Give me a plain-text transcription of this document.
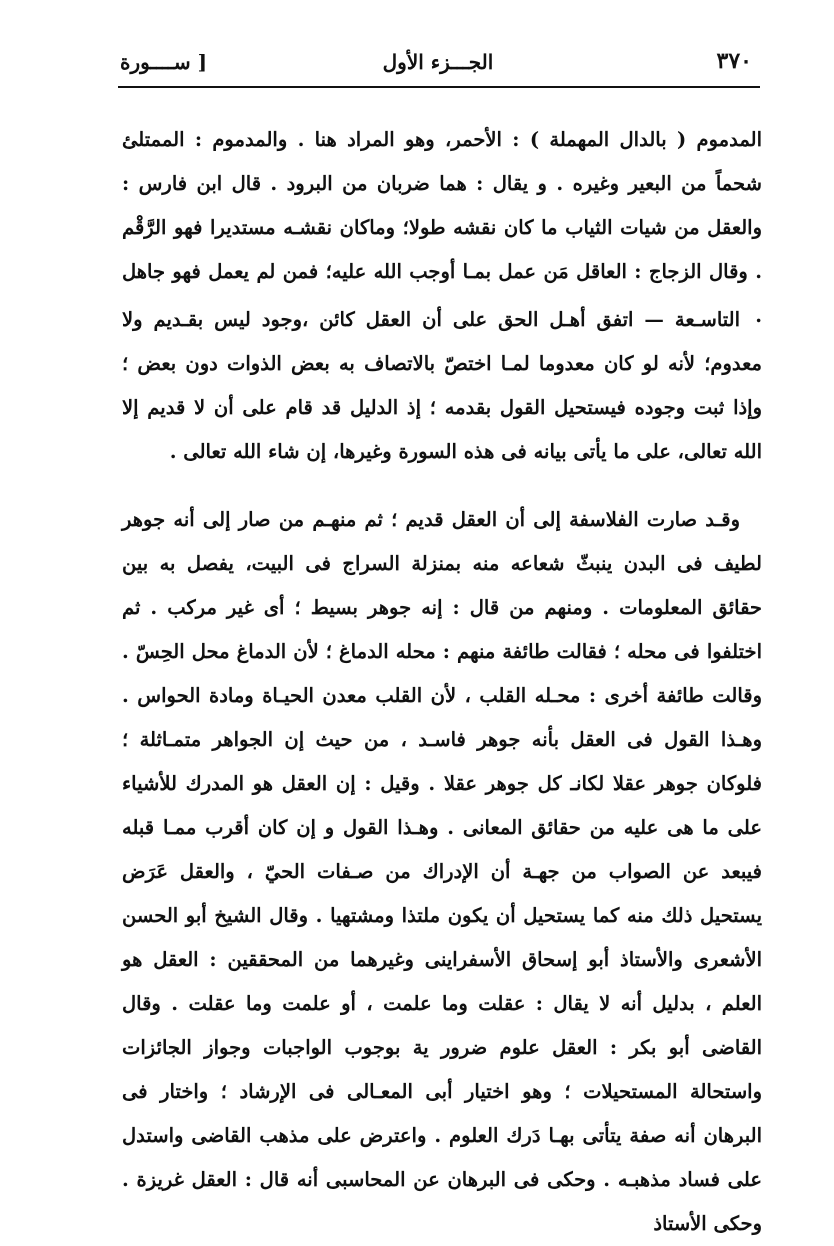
٣٧٠
الجـــزء الأول
[ ســــورة

المدموم ( بالدال المهملة ) : الأحمر، وهو المراد هنا . والمدموم : الممتلئ شحماً من البعير وغيره . و يقال : هما ضربان من البرود . قال ابن فارس : والعقل من شيات الثياب ما كان نقشه طولا؛ وماكان نقشـه مستديرا فهو الرَّقْم . وقال الزجاج : العاقل مَن عمل بمـا أوجب الله عليه؛ فمن لم يعمل فهو جاهل .

التاسـعة — اتفق أهـل الحق على أن العقل كائن ،وجود ليس بقـديم ولا معدوم؛ لأنه لو كان معدوما لمـا اختصّ بالاتصاف به بعض الذوات دون بعض ؛ وإذا ثبت وجوده فيستحيل القول بقدمه ؛ إذ الدليل قد قام على أن لا قديم إلا الله تعالى، على ما يأتى بيانه فى هذه السورة وغيرها، إن شاء الله تعالى .

وقـد صارت الفلاسفة إلى أن العقل قديم ؛ ثم منهـم من صار إلى أنه جوهر لطيف فى البدن ينبثّ شعاعه منه بمنزلة السراج فى البيت، يفصل به بين حقائق المعلومات . ومنهم من قال : إنه جوهر بسيط ؛ أى غير مركب . ثم اختلفوا فى محله ؛ فقالت طائفة منهم : محله الدماغ ؛ لأن الدماغ محل الحِسّ . وقالت طائفة أخرى : محـله القلب ، لأن القلب معدن الحيـاة ومادة الحواس . وهـذا القول فى العقل بأنه جوهر فاسـد ، من حيث إن الجواهر متمـاثلة ؛ فلوكان جوهر عقلا لكانـ كل جوهر عقلا . وقيل : إن العقل هو المدرك للأشياء على ما هى عليه من حقائق المعانى . وهـذا القول و إن كان أقرب ممـا قبله فيبعد عن الصواب من جهـة أن الإدراك من صـفات الحيّ ، والعقل عَرَض يستحيل ذلك منه كما يستحيل أن يكون ملتذا ومشتهيا . وقال الشيخ أبو الحسن الأشعرى والأستاذ أبو إسحاق الأسفراينى وغيرهما من المحققين : العقل هو العلم ، بدليل أنه لا يقال : عقلت وما علمت ، أو علمت وما عقلت . وقال القاضى أبو بكر : العقل علوم ضرور ية بوجوب الواجبات وجواز الجائزات واستحالة المستحيلات ؛ وهو اختيار أبى المعـالى فى الإرشاد ؛ واختار فى البرهان أنه صفة يتأتى بهـا دَرك العلوم . واعترض على مذهب القاضى واستدل على فساد مذهبـه . وحكى فى البرهان عن المحاسبى أنه قال : العقل غريزة . وحكى الأستاذ
